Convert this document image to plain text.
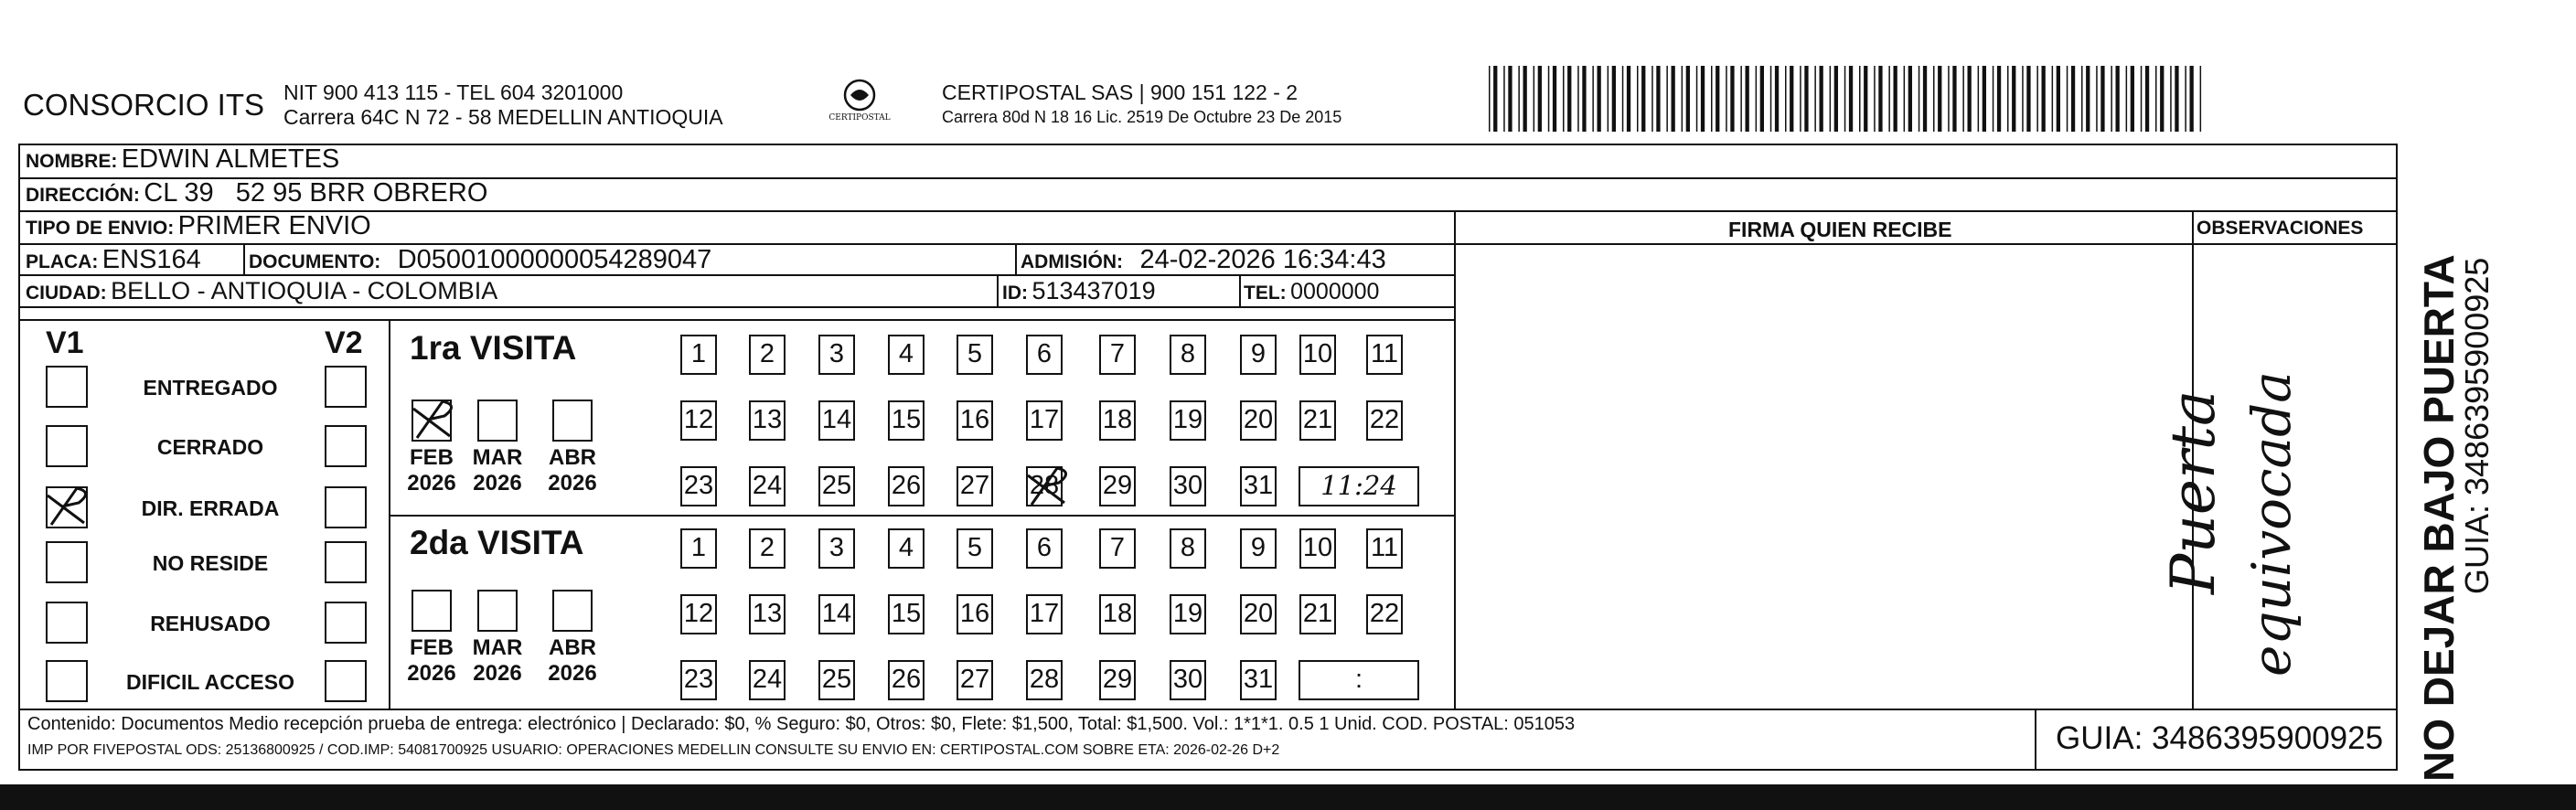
CONSORCIO ITS NIT 900 413 115 - TEL 604 3201000
Carrera 64C N 72 - 58 MEDELLIN ANTIOQUIA	CERTIPOSTAL
CERTIPOSTAL SAS | 900 151 122 - 2
Carrera 80d N 18 16 Lic. 2519 De Octubre 23 De 2015
NOMBRE: EDWIN ALMETES
DIRECCIÓN: CL 39   52 95 BRR OBRERO
TIPO DE ENVIO: PRIMER ENVIO	FIRMA QUIEN RECIBE	OBSERVACIONES
PLACA: ENS164 DOCUMENTO: D05001000000054289047	ADMISIÓN: 24-02-2026 16:34:43
CIUDAD: BELLO - ANTIOQUIA - COLOMBIA	ID: 513437019	TEL: 0000000
V1	V2
ENTREGADO
CERRADO
DIR. ERRADA
NO RESIDE
REHUSADO
DIFICIL ACCESO
1ra VISITA
2da VISITA
FEB
2026
MAR
2026
ABR
2026
FEB
2026
MAR
2026
ABR
2026
1	2	3	4	5	6	7	8	9	10 11
12 13 14 15 16 17 18 19 20 21 22
23 24 25 26 27 28 29 30 31	11:24
1	2	3	4	5	6	7	8	9	10 11
12 13 14 15 16 17 18 19 20 21 22
23 24 25 26 27 28 29 30 31	:
Puerta equivocada
Contenido: Documentos Medio recepción prueba de entrega: electrónico | Declarado: $0, % Seguro: $0, Otros: $0, Flete: $1,500, Total: $1,500. Vol.: 1*1*1. 0.5 1 Unid. COD. POSTAL: 051053
IMP POR FIVEPOSTAL ODS: 25136800925 / COD.IMP: 54081700925 USUARIO: OPERACIONES MEDELLIN CONSULTE SU ENVIO EN: CERTIPOSTAL.COM SOBRE ETA: 2026-02-26 D+2	GUIA: 3486395900925 NO DEJAR BAJO PUERTA
GUIA: 3486395900925
